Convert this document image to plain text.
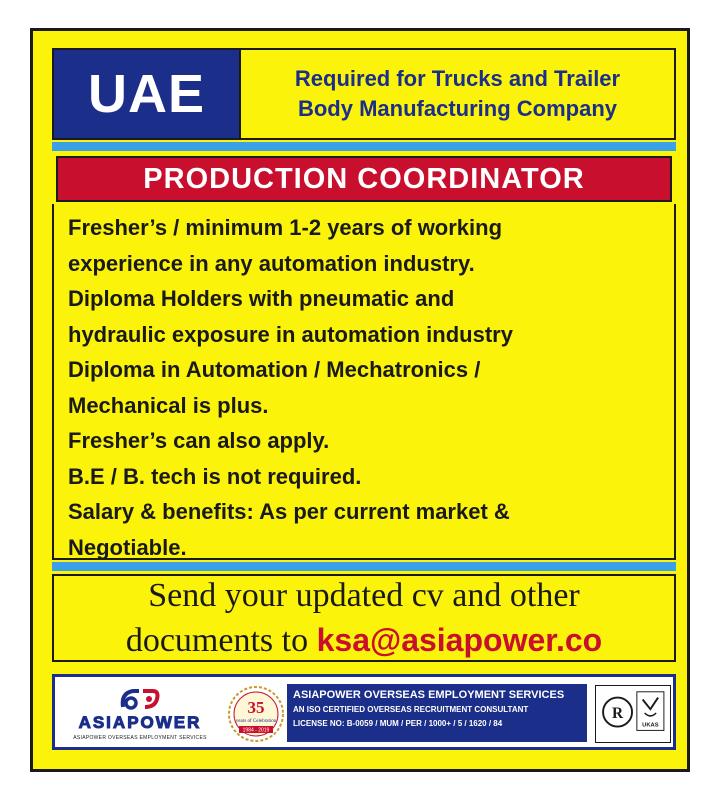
UAE	Required for Trucks and Trailer
Body Manufacturing Company
PRODUCTION COORDINATOR
Fresher’s / minimum 1-2 years of working
experience in any automation industry.
Diploma Holders with pneumatic and
hydraulic exposure in automation industry
Diploma in Automation / Mechatronics /
Mechanical is plus.
Fresher’s can also apply.
B.E / B. tech is not required.
Salary & benefits: As per current market &
Negotiable.
Send your updated cv and other
documents to ksa@asiapower.co
ASIAPOWER
ASIAPOWER OVERSEAS EMPLOYMENT SERVICES
35
years of Celebration
1984 - 2019
ASIAPOWER OVERSEAS EMPLOYMENT SERVICES
AN ISO CERTIFIED OVERSEAS RECRUITMENT CONSULTANT
LICENSE NO: B-0059 / MUM / PER / 1000+ / 5 / 1620 / 84
R
UKAS
